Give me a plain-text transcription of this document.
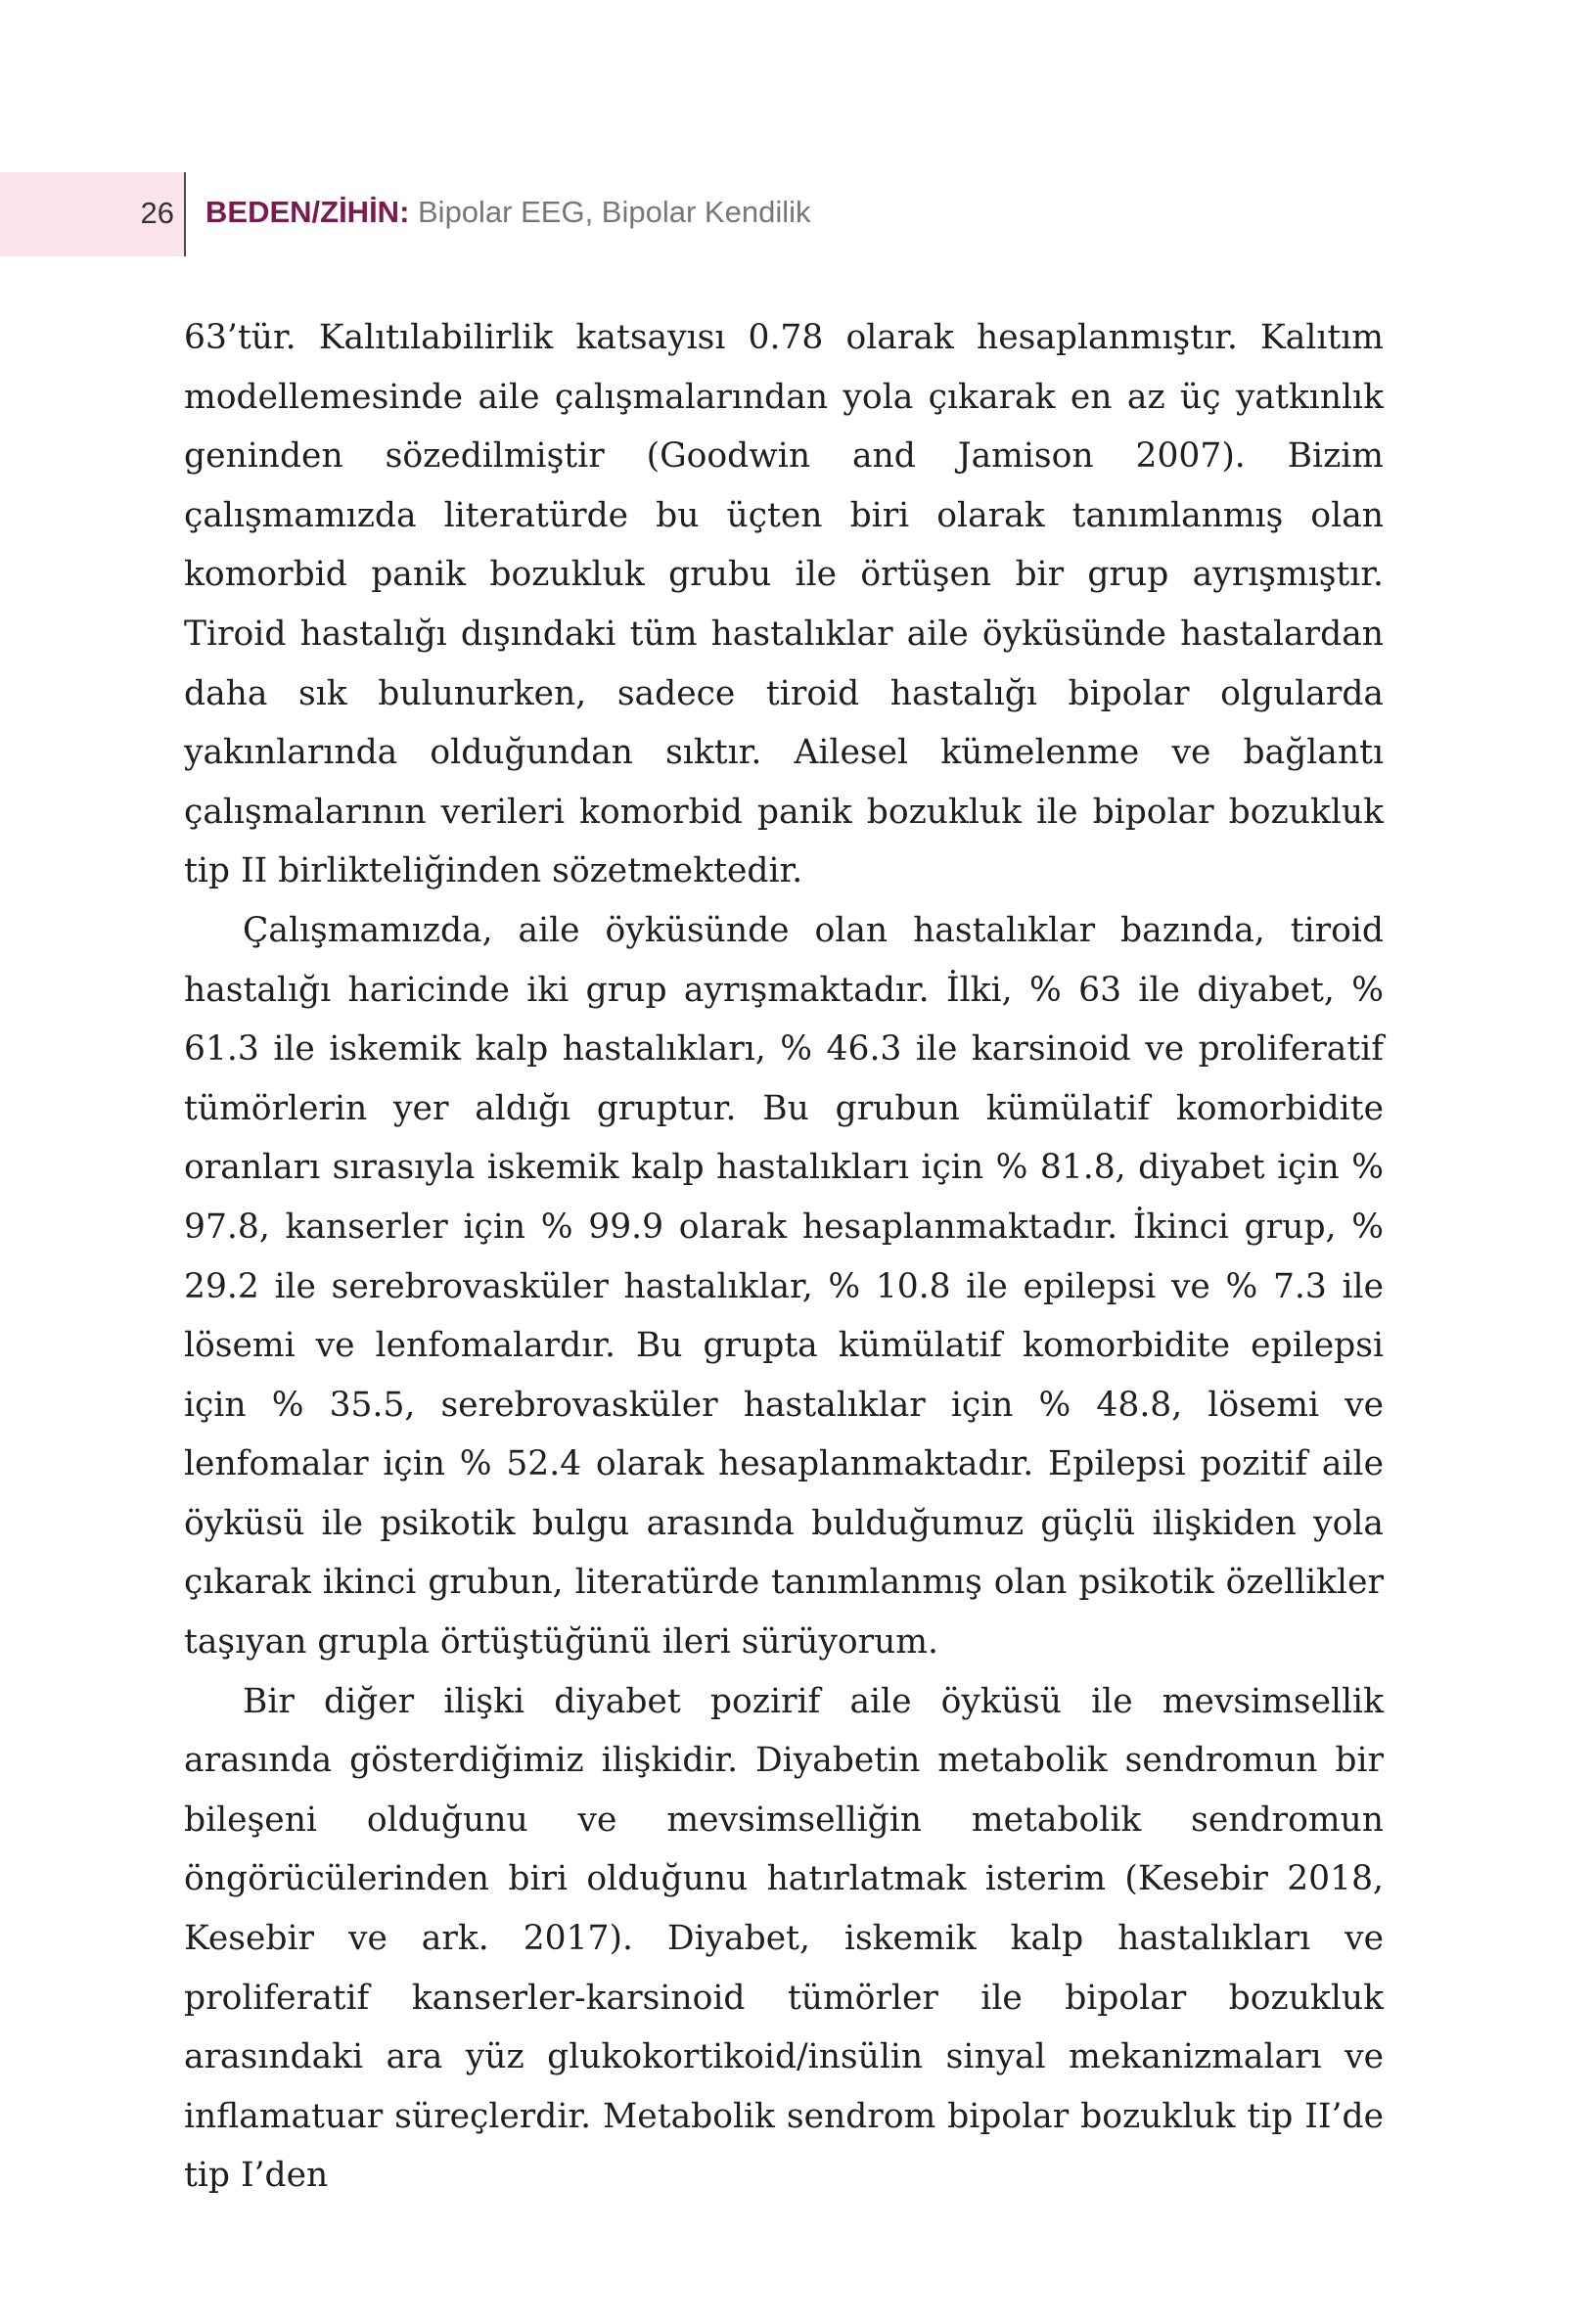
26 BEDEN/ZİHİN: Bipolar EEG, Bipolar Kendilik

63’tür. Kalıtılabilirlik katsayısı 0.78 olarak hesaplanmıştır. Kalıtım modellemesinde aile çalışmalarından yola çıkarak en az üç yatkınlık geninden sözedilmiştir (Goodwin and Jamison 2007). Bizim çalışmamızda literatürde bu üçten biri olarak tanımlanmış olan komorbid panik bozukluk grubu ile örtüşen bir grup ayrışmıştır. Tiroid hastalığı dışındaki tüm hastalıklar aile öyküsünde hastalardan daha sık bulunurken, sadece tiroid hastalığı bipolar olgularda yakınlarında olduğundan sıktır. Ailesel kümelenme ve bağlantı çalışmalarının verileri komorbid panik bozukluk ile bipolar bozukluk tip II birlikteliğinden sözetmektedir.

Çalışmamızda, aile öyküsünde olan hastalıklar bazında, tiroid hastalığı haricinde iki grup ayrışmaktadır. İlki, % 63 ile diyabet, % 61.3 ile iskemik kalp hastalıkları, % 46.3 ile karsinoid ve proliferatif tümörlerin yer aldığı gruptur. Bu grubun kümülatif komorbidite oranları sırasıyla iskemik kalp hastalıkları için % 81.8, diyabet için % 97.8, kanserler için % 99.9 olarak hesaplanmaktadır. İkinci grup, % 29.2 ile serebrovasküler hastalıklar, % 10.8 ile epilepsi ve % 7.3 ile lösemi ve lenfomalardır. Bu grupta kümülatif komorbidite epilepsi için % 35.5, serebrovasküler hastalıklar için % 48.8, lösemi ve lenfomalar için % 52.4 olarak hesaplanmaktadır. Epilepsi pozitif aile öyküsü ile psikotik bulgu arasında bulduğumuz güçlü ilişkiden yola çıkarak ikinci grubun, literatürde tanımlanmış olan psikotik özellikler taşıyan grupla örtüştüğünü ileri sürüyorum.

Bir diğer ilişki diyabet pozirif aile öyküsü ile mevsimsellik arasında gösterdiğimiz ilişkidir. Diyabetin metabolik sendromun bir bileşeni olduğunu ve mevsimselliğin metabolik sendromun öngörücülerinden biri olduğunu hatırlatmak isterim (Kesebir 2018, Kesebir ve ark. 2017). Diyabet, iskemik kalp hastalıkları ve proliferatif kanserler-karsinoid tümörler ile bipolar bozukluk arasındaki ara yüz glukokortikoid/insülin sinyal mekanizmaları ve inflamatuar süreçlerdir. Metabolik sendrom bipolar bozukluk tip II’de tip I’den
